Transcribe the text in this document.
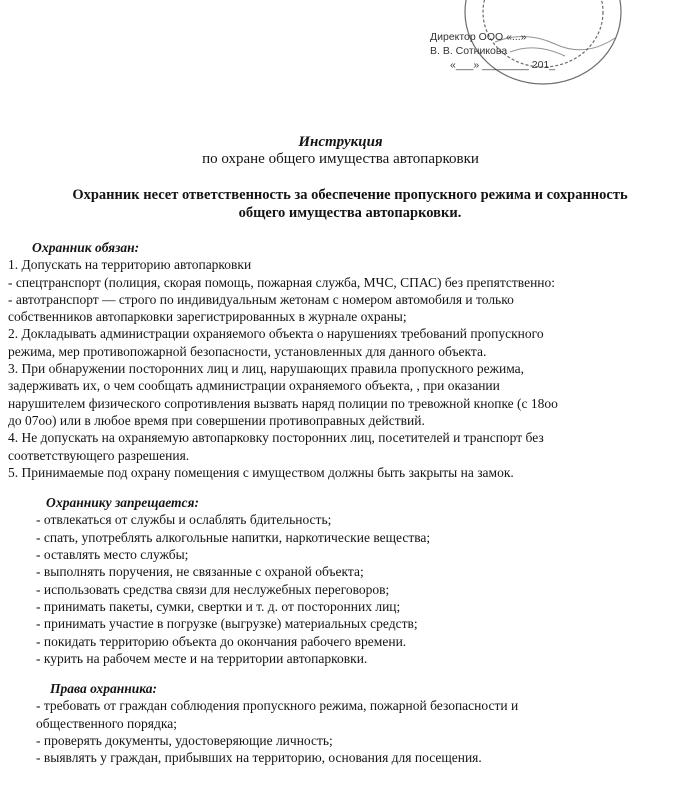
Директор ООО «...»
В. В. Сотникова
«___» ________ 201_
Инструкция
по охране общего имущества автопарковки
Охранник несет ответственность за обеспечение пропускного режима и сохранность
общего имущества автопарковки.
Охранник обязан:
1. Допускать на территорию автопарковки
- спецтранспорт (полиция, скорая помощь, пожарная служба, МЧС, СПАС) без препятственно:
- автотранспорт — строго по индивидуальным жетонам с номером автомобиля и только
собственников автопарковки зарегистрированных в журнале охраны;
2. Докладывать администрации охраняемого объекта о нарушениях требований пропускного
режима, мер противопожарной безопасности, установленных для данного объекта.
3. При обнаружении посторонних лиц и лиц, нарушающих правила пропускного режима,
задерживать их, о чем сообщать администрации охраняемого объекта, , при оказании
нарушителем физического сопротивления вызвать наряд полиции по тревожной кнопке (с 18оо
до 07оо) или в любое время при совершении противоправных действий.
4. Не допускать на охраняемую автопарковку посторонних лиц, посетителей и транспорт без
соответствующего разрешения.
5. Принимаемые под охрану помещения с имуществом должны быть закрыты на замок.
Охраннику запрещается:
- отвлекаться от службы и ослаблять бдительность;
- спать, употреблять алкогольные напитки, наркотические вещества;
- оставлять место службы;
- выполнять поручения, не связанные с охраной объекта;
- использовать средства связи для неслужебных переговоров;
- принимать пакеты, сумки, свертки и т. д. от посторонних лиц;
- принимать участие в погрузке (выгрузке) материальных средств;
- покидать территорию объекта до окончания рабочего времени.
- курить на рабочем месте и на территории автопарковки.
Права охранника:
- требовать от граждан соблюдения пропускного режима, пожарной безопасности и
общественного порядка;
- проверять документы, удостоверяющие личность;
- выявлять у граждан, прибывших на территорию, основания для посещения.
